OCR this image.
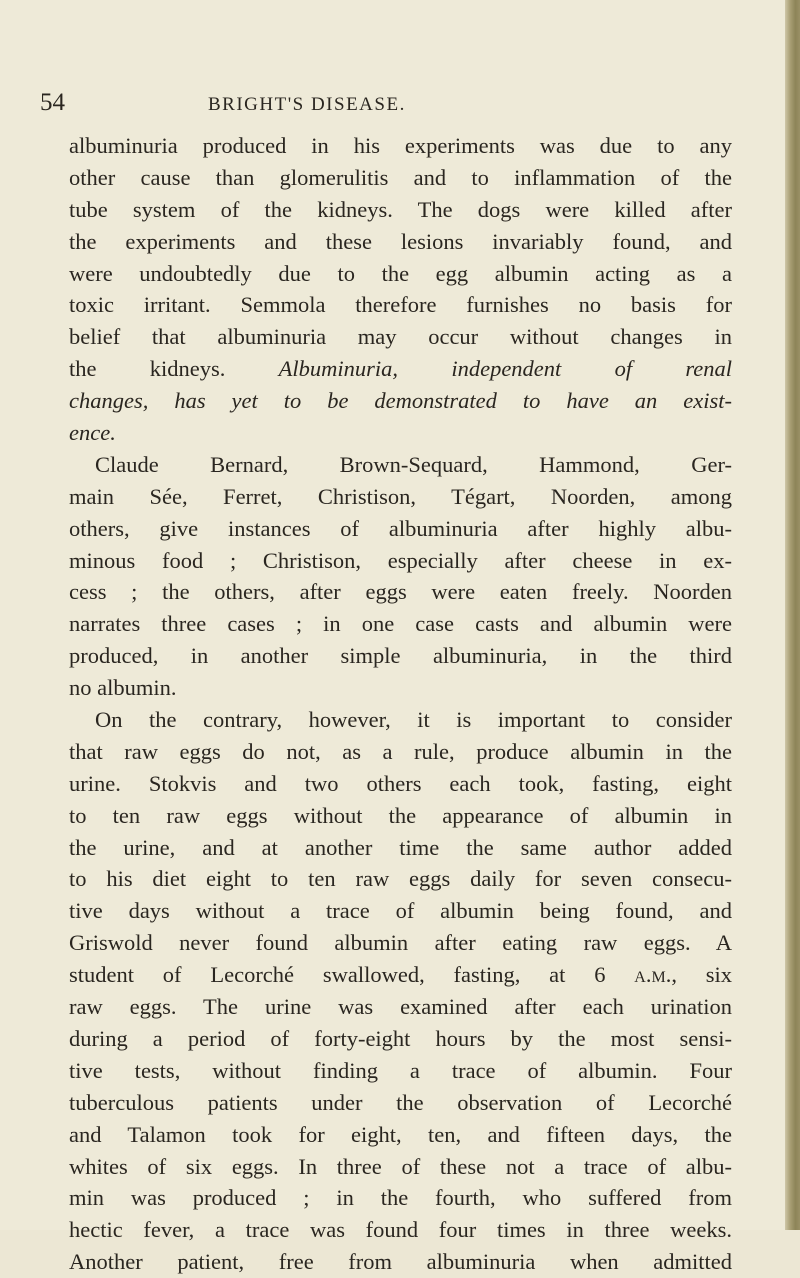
54	BRIGHT'S DISEASE.
albuminuria produced in his experiments was due to any
other cause than glomerulitis and to inflammation of the
tube system of the kidneys. The dogs were killed after
the experiments and these lesions invariably found, and
were undoubtedly due to the egg albumin acting as a
toxic irritant. Semmola therefore furnishes no basis for
belief that albuminuria may occur without changes in
the kidneys. Albuminuria, independent of renal
changes, has yet to be demonstrated to have an exist-
ence.
Claude Bernard, Brown-Sequard, Hammond, Ger-
main Sée, Ferret, Christison, Tégart, Noorden, among
others, give instances of albuminuria after highly albu-
minous food ; Christison, especially after cheese in ex-
cess ; the others, after eggs were eaten freely. Noorden
narrates three cases ; in one case casts and albumin were
produced, in another simple albuminuria, in the third
no albumin.
On the contrary, however, it is important to consider
that raw eggs do not, as a rule, produce albumin in the
urine. Stokvis and two others each took, fasting, eight
to ten raw eggs without the appearance of albumin in
the urine, and at another time the same author added
to his diet eight to ten raw eggs daily for seven consecu-
tive days without a trace of albumin being found, and
Griswold never found albumin after eating raw eggs. A
student of Lecorché swallowed, fasting, at 6 a.m., six
raw eggs. The urine was examined after each urination
during a period of forty-eight hours by the most sensi-
tive tests, without finding a trace of albumin. Four
tuberculous patients under the observation of Lecorché
and Talamon took for eight, ten, and fifteen days, the
whites of six eggs. In three of these not a trace of albu-
min was produced ; in the fourth, who suffered from
hectic fever, a trace was found four times in three weeks.
Another patient, free from albuminuria when admitted
